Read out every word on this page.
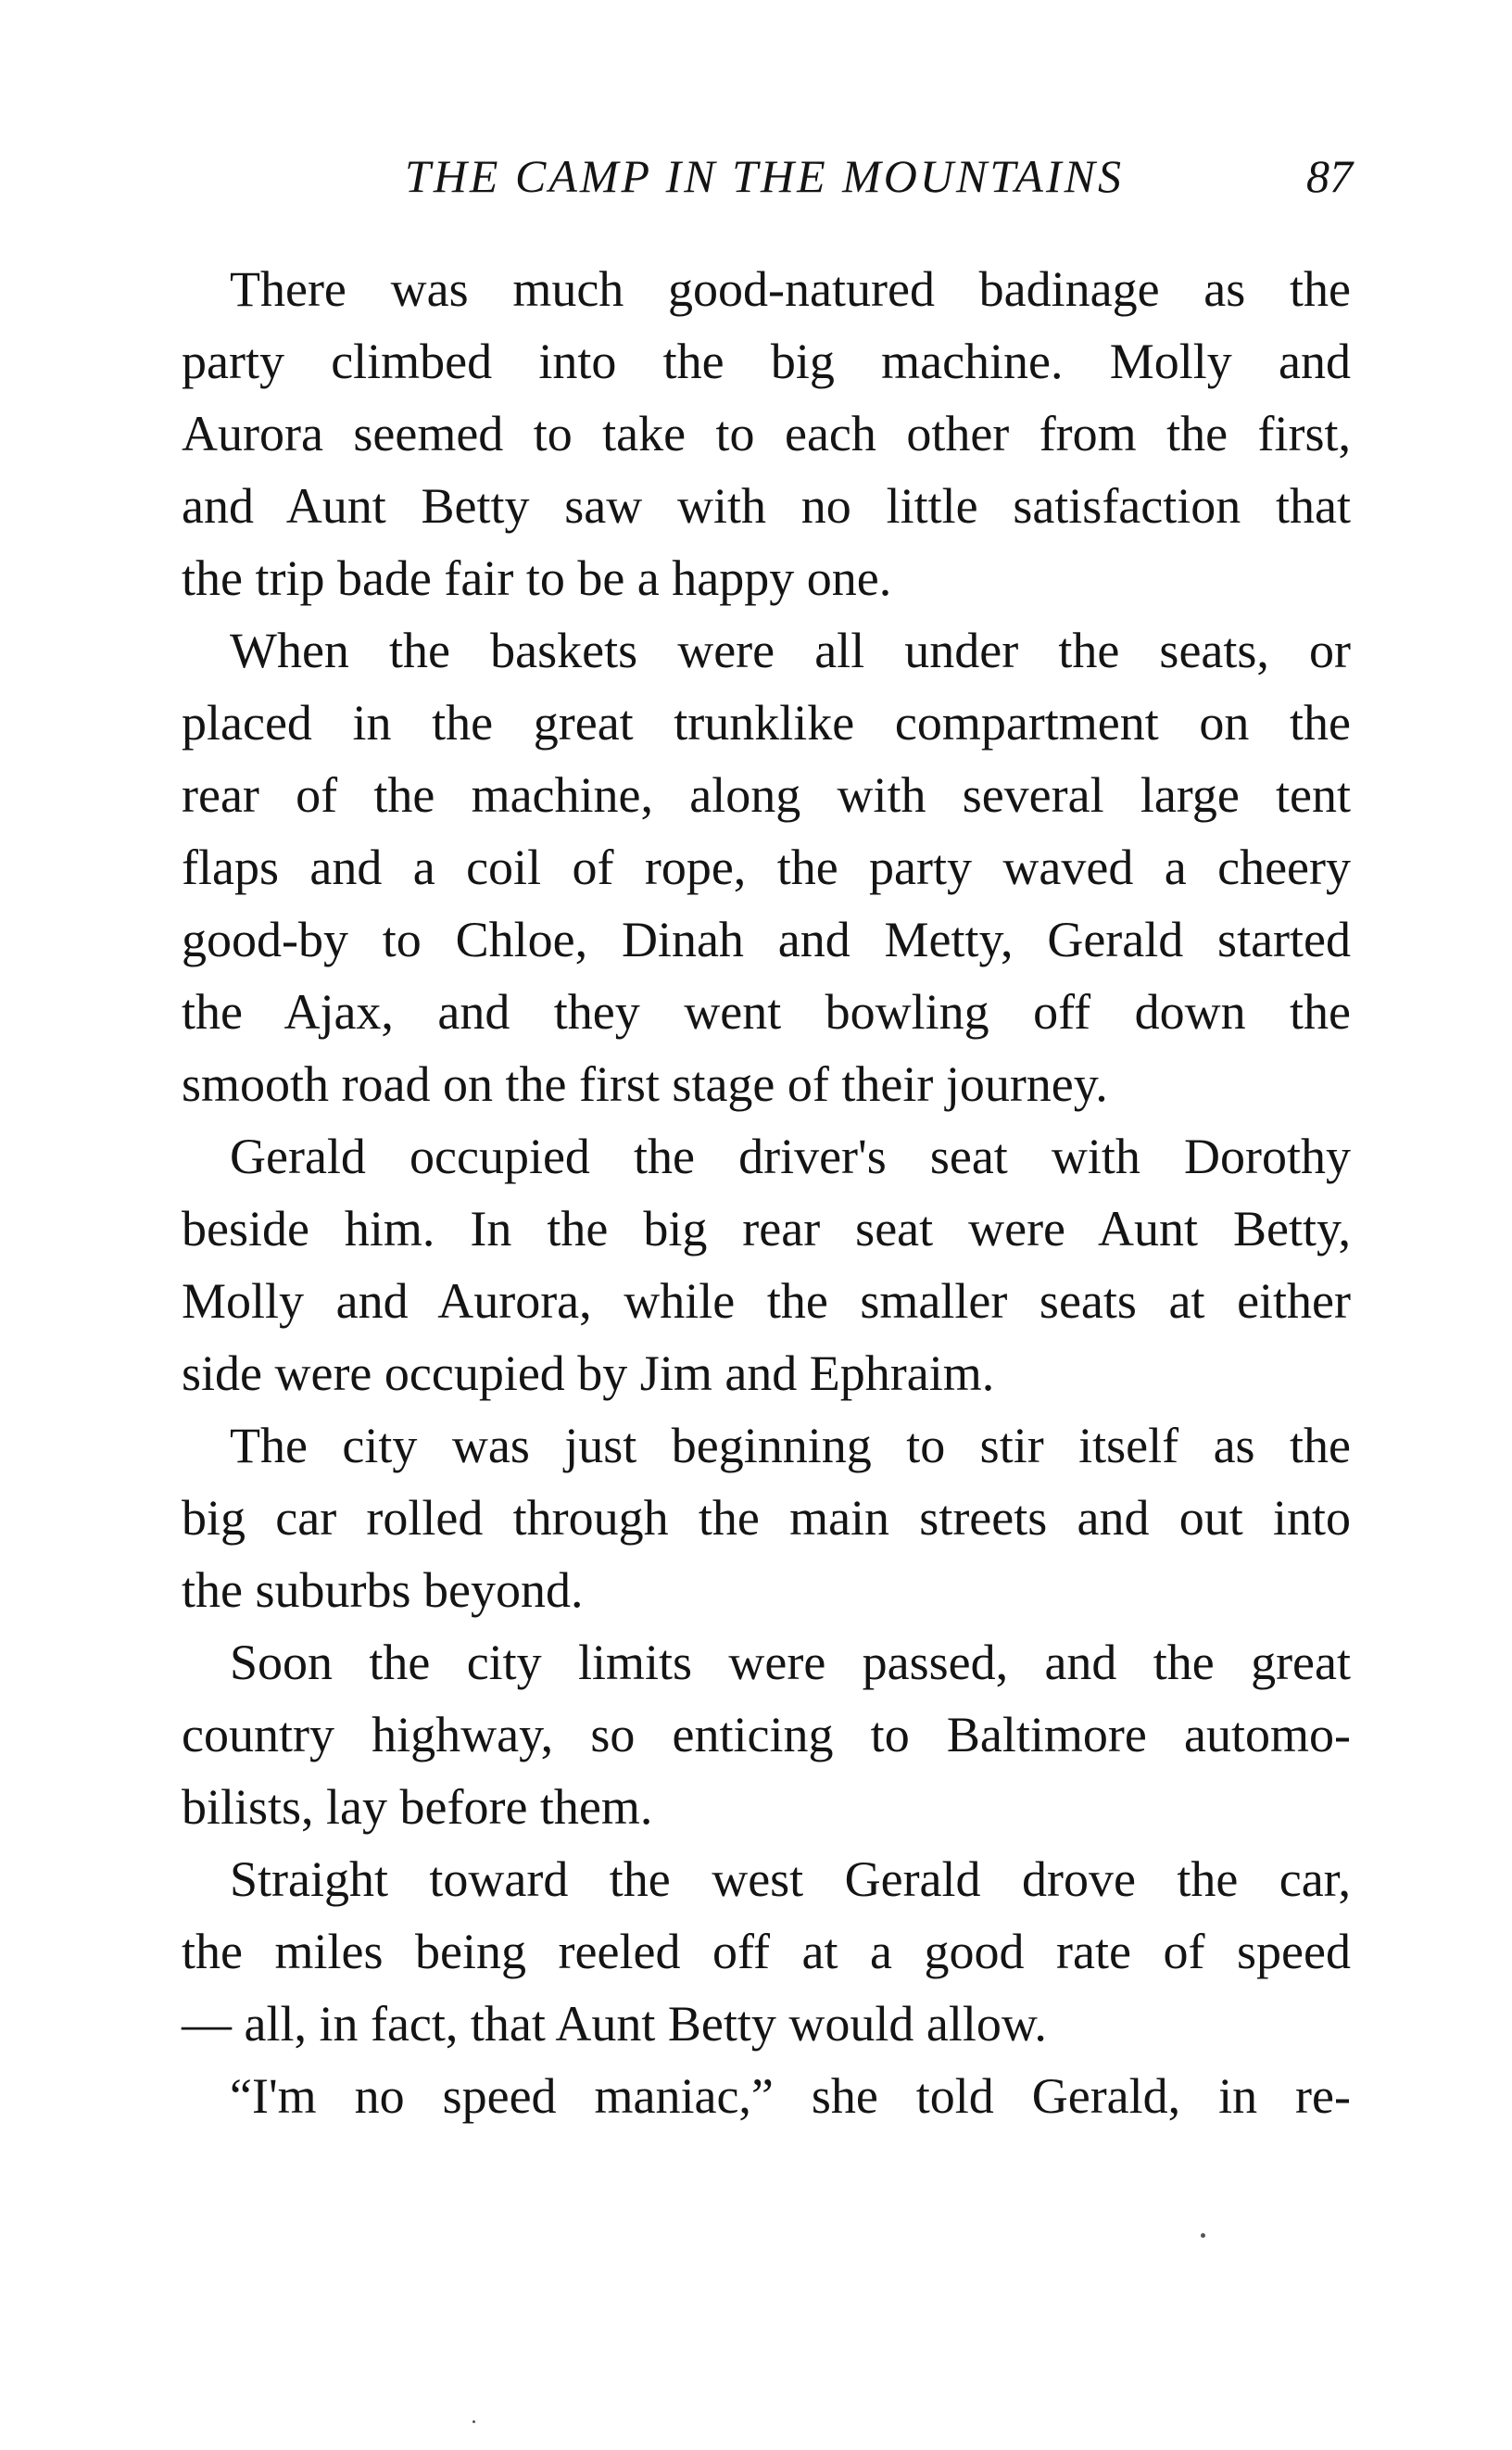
THE CAMP IN THE MOUNTAINS	87
There was much good-natured badinage as the
party climbed into the big machine. Molly and
Aurora seemed to take to each other from the first,
and Aunt Betty saw with no little satisfaction that
the trip bade fair to be a happy one.
When the baskets were all under the seats, or
placed in the great trunklike compartment on the
rear of the machine, along with several large tent
flaps and a coil of rope, the party waved a cheery
good-by to Chloe, Dinah and Metty, Gerald started
the Ajax, and they went bowling off down the
smooth road on the first stage of their journey.
Gerald occupied the driver's seat with Dorothy
beside him. In the big rear seat were Aunt Betty,
Molly and Aurora, while the smaller seats at either
side were occupied by Jim and Ephraim.
The city was just beginning to stir itself as the
big car rolled through the main streets and out into
the suburbs beyond.
Soon the city limits were passed, and the great
country highway, so enticing to Baltimore automo-
bilists, lay before them.
Straight toward the west Gerald drove the car,
the miles being reeled off at a good rate of speed
— all, in fact, that Aunt Betty would allow.
“I'm no speed maniac,” she told Gerald, in re-
